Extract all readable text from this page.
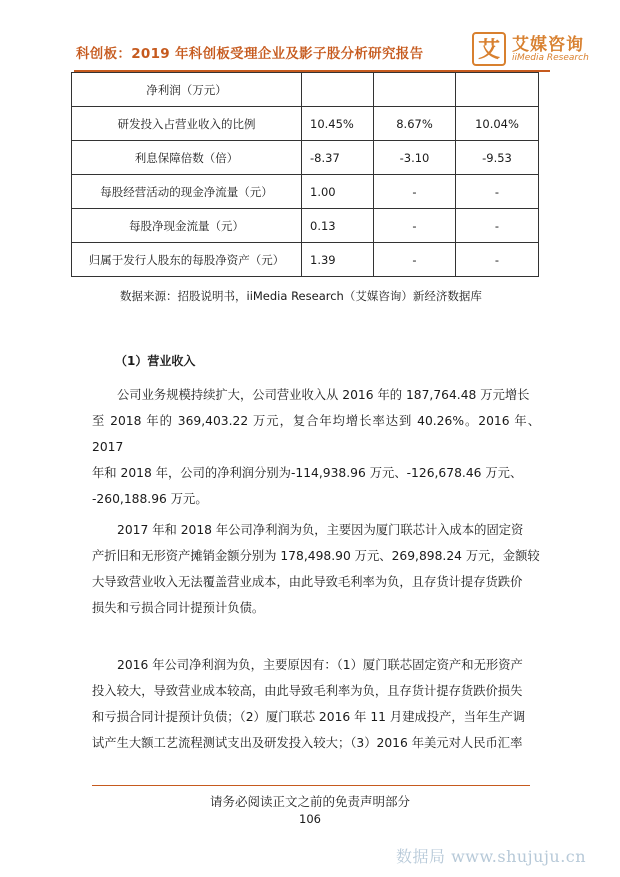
科创板：2019 年科创板受理企业及影子股分析研究报告 艾 艾媒咨询
iiMedia Research
净利润（万元）			
研发投入占营业收入的比例	10.45%	8.67%	10.04%
利息保障倍数（倍）	-8.37	-3.10	-9.53
每股经营活动的现金净流量（元）	1.00	-	-
每股净现金流量（元）	0.13	-	-
归属于发行人股东的每股净资产（元）	1.39	-	-
数据来源：招股说明书，iiMedia Research（艾媒咨询）新经济数据库
（1）营业收入

公司业务规模持续扩大，公司营业收入从 2016 年的 187,764.48 万元增长

至 2018 年的 369,403.22 万元，复合年均增长率达到 40.26%。2016 年、2017

年和 2018 年，公司的净利润分别为-114,938.96 万元、-126,678.46 万元、

-260,188.96 万元。

2017 年和 2018 年公司净利润为负，主要因为厦门联芯计入成本的固定资

产折旧和无形资产摊销金额分别为 178,498.90 万元、269,898.24 万元，金额较

大导致营业收入无法覆盖营业成本，由此导致毛利率为负，且存货计提存货跌价

损失和亏损合同计提预计负债。

2016 年公司净利润为负，主要原因有：（1）厦门联芯固定资产和无形资产

投入较大，导致营业成本较高，由此导致毛利率为负，且存货计提存货跌价损失

和亏损合同计提预计负债；（2）厦门联芯 2016 年 11 月建成投产，当年生产调

试产生大额工艺流程测试支出及研发投入较大；（3）2016 年美元对人民币汇率

请务必阅读正文之前的免责声明部分
106
数据局 www.shujuju.cn
